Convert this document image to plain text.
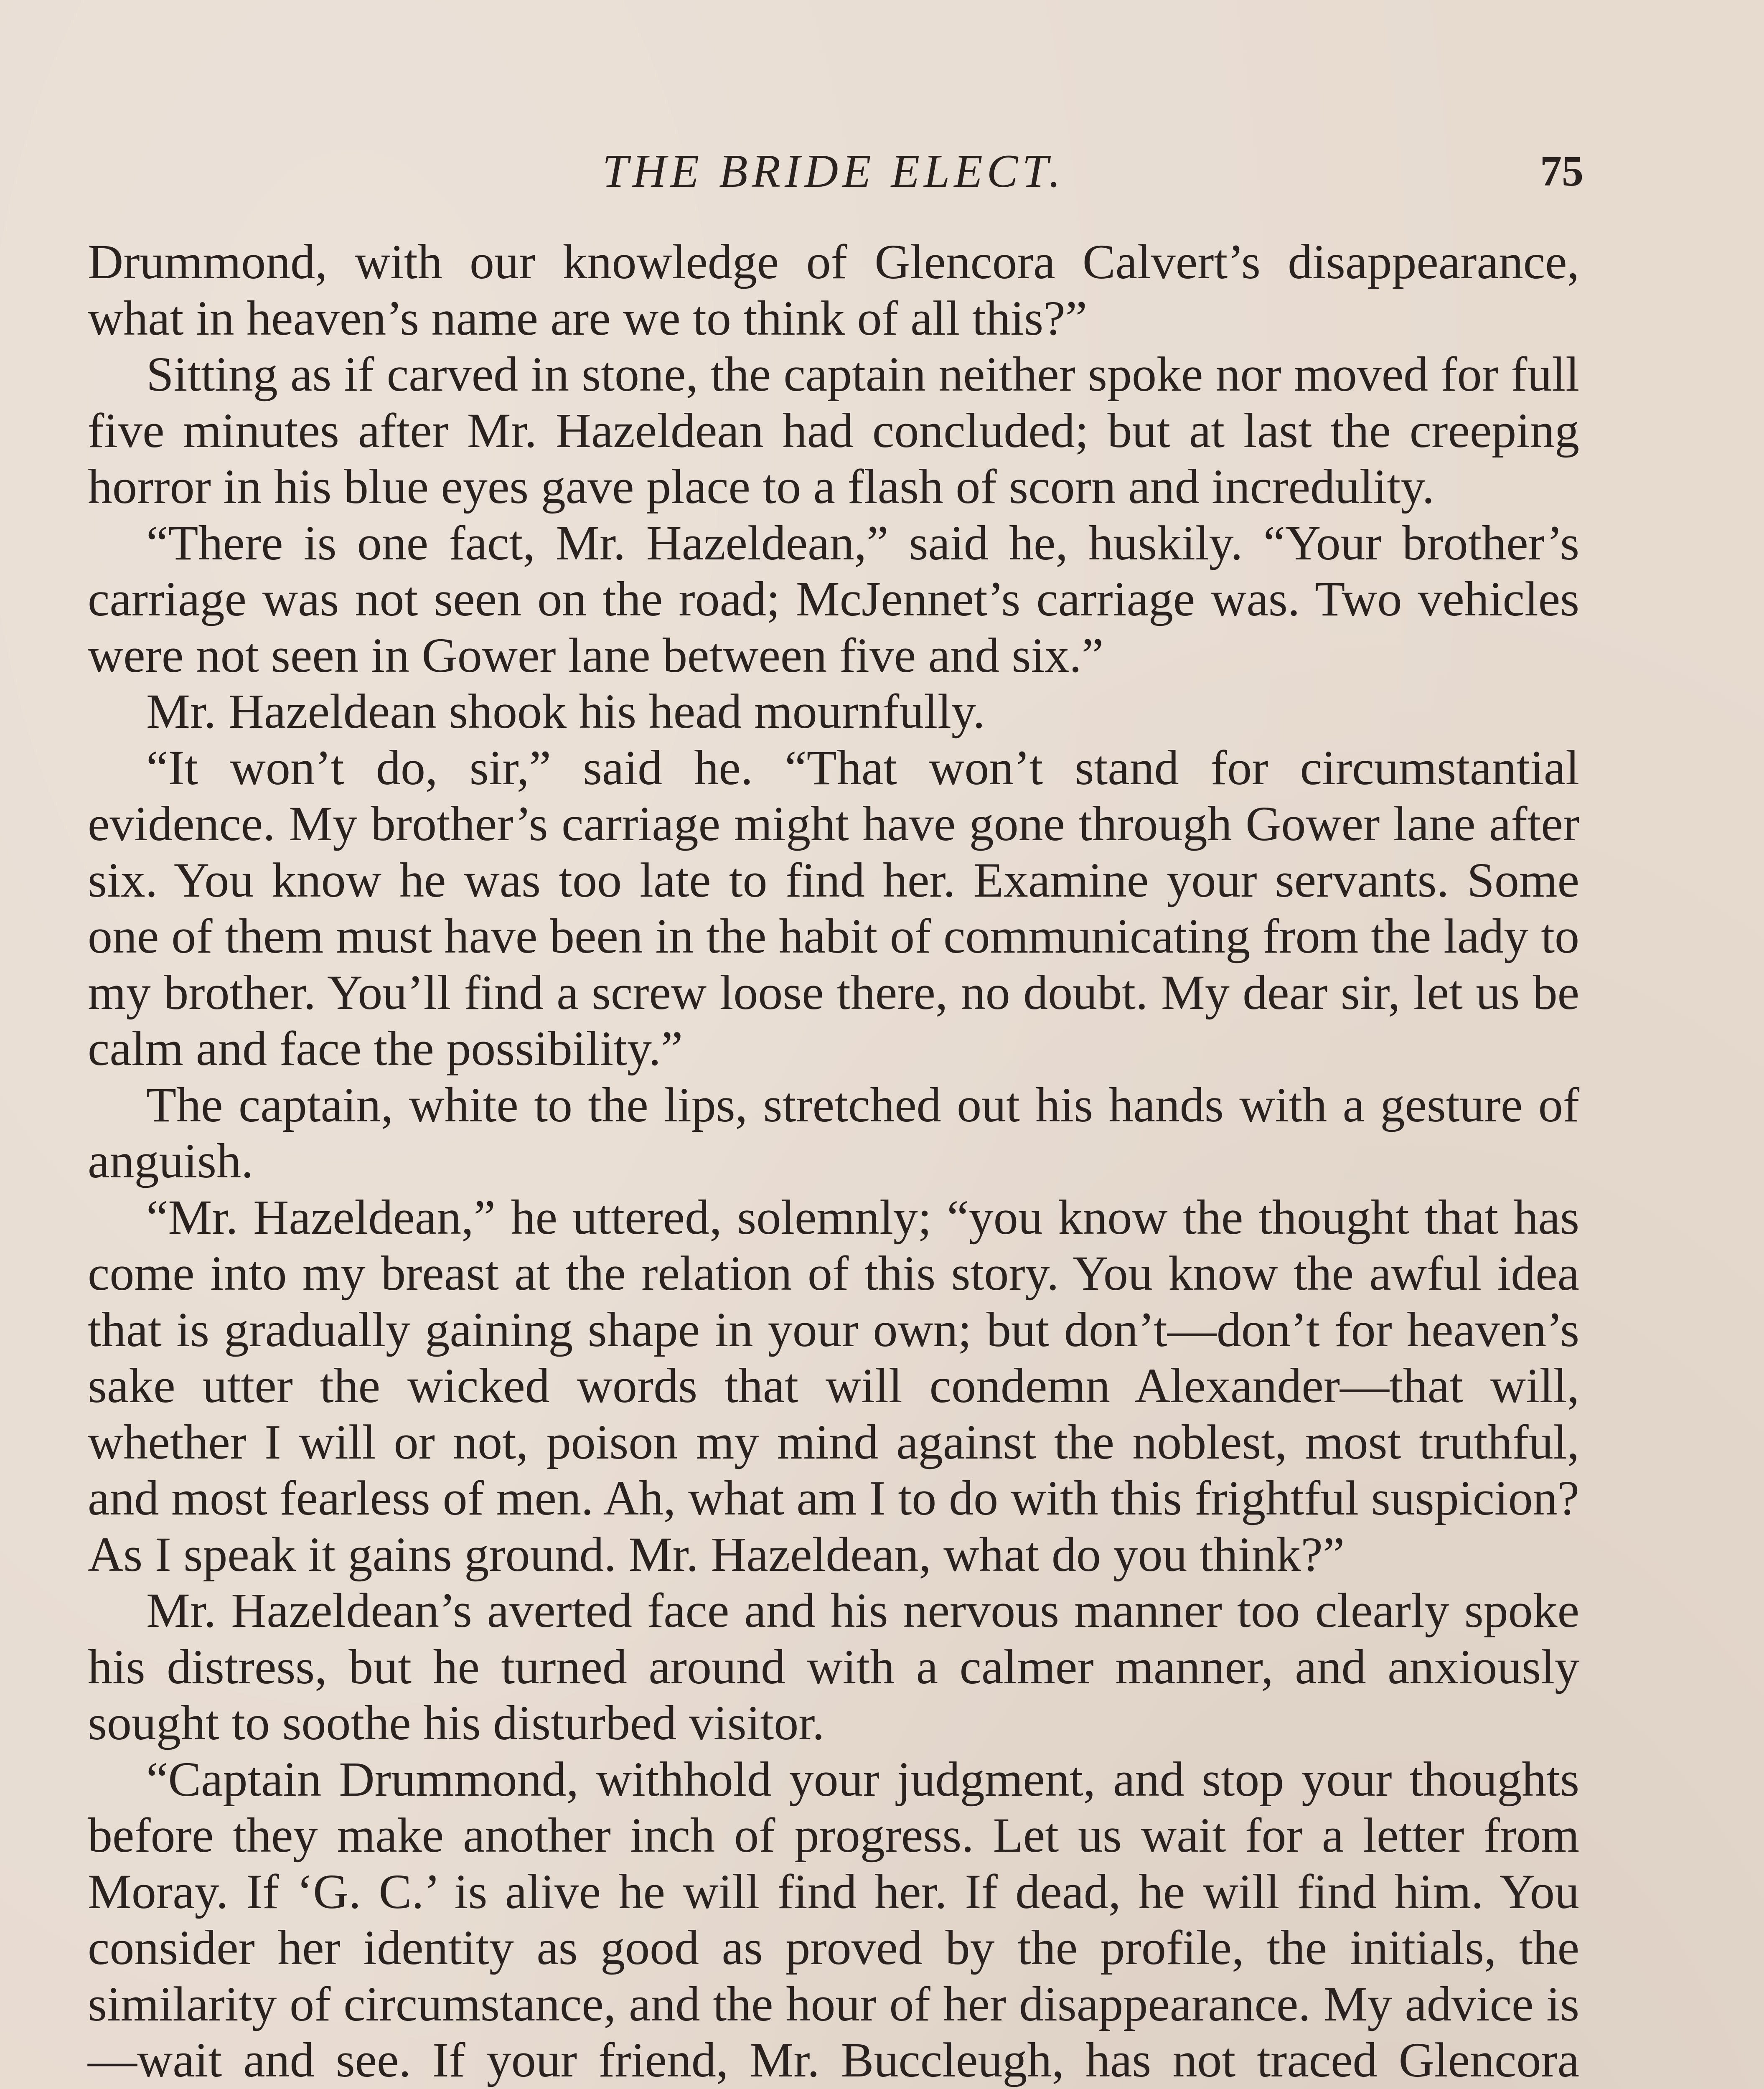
THE BRIDE ELECT.	75

Drummond, with our knowledge of Glencora Calvert’s disappearance, what in heaven’s name are we to think of all this?”

Sitting as if carved in stone, the captain neither spoke nor moved for full five minutes after Mr. Hazeldean had concluded; but at last the creeping horror in his blue eyes gave place to a flash of scorn and incredulity.

“There is one fact, Mr. Hazeldean,” said he, huskily. “Your brother’s carriage was not seen on the road; McJennet’s carriage was. Two vehicles were not seen in Gower lane between five and six.”

Mr. Hazeldean shook his head mournfully.

“It won’t do, sir,” said he. “That won’t stand for circumstantial evidence. My brother’s carriage might have gone through Gower lane after six. You know he was too late to find her. Examine your servants. Some one of them must have been in the habit of communicating from the lady to my brother. You’ll find a screw loose there, no doubt. My dear sir, let us be calm and face the possibility.”

The captain, white to the lips, stretched out his hands with a gesture of anguish.

“Mr. Hazeldean,” he uttered, solemnly; “you know the thought that has come into my breast at the relation of this story. You know the awful idea that is gradually gaining shape in your own; but don’t—don’t for heaven’s sake utter the wicked words that will condemn Alexander—that will, whether I will or not, poison my mind against the noblest, most truthful, and most fearless of men. Ah, what am I to do with this frightful suspicion? As I speak it gains ground. Mr. Hazeldean, what do you think?”

Mr. Hazeldean’s averted face and his nervous manner too clearly spoke his distress, but he turned around with a calmer manner, and anxiously sought to soothe his disturbed visitor.

“Captain Drummond, withhold your judgment, and stop your thoughts before they make another inch of progress. Let us wait for a letter from Moray. If ‘G. C.’ is alive he will find her. If dead, he will find him. You consider her identity as good as proved by the profile, the initials, the similarity of circumstance, and the hour of her disappearance. My advice is—wait and see. If your friend, Mr. Buccleugh, has not traced Glencora
